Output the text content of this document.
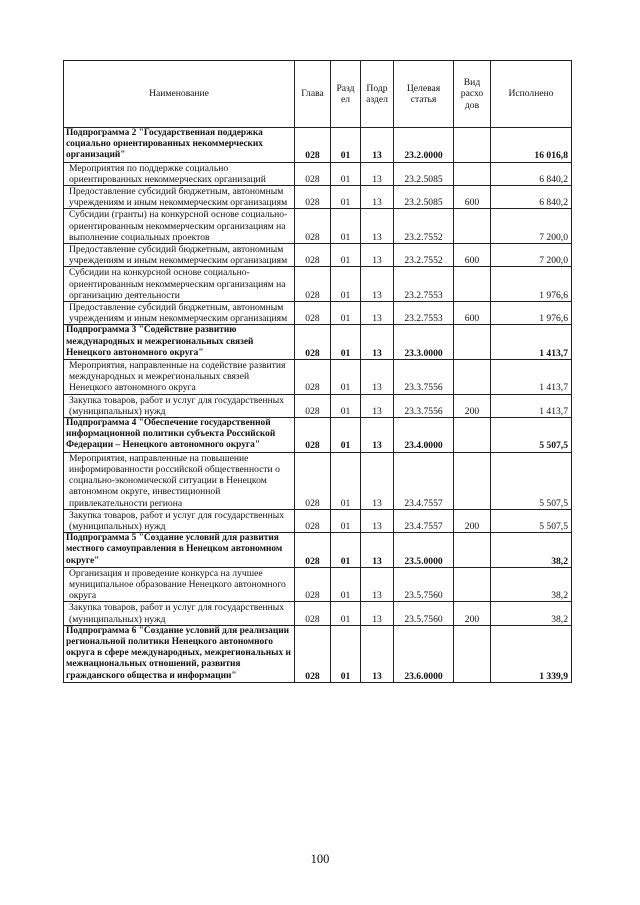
Наименование	Глава	Разд ел	Подр аздел	Целевая статья	Вид расхо дов	Исполнено
Подпрограмма 2 "Государственная поддержка социально ориентированных некоммерческих организаций"	028	01	13	23.2.0000		16 016,8
Мероприятия по поддержке социально ориентированных некоммерческих организаций	028	01	13	23.2.5085		6 840,2
Предоставление субсидий бюджетным, автономным учреждениям и иным некоммерческим организациям	028	01	13	23.2.5085	600	6 840,2
Субсидии (гранты) на конкурсной основе социально-ориентированным некоммерческим организациям на выполнение социальных проектов	028	01	13	23.2.7552		7 200,0
Предоставление субсидий бюджетным, автономным учреждениям и иным некоммерческим организациям	028	01	13	23.2.7552	600	7 200,0
Субсидии на конкурсной основе социально-ориентированным некоммерческим организациям на организацию деятельности	028	01	13	23.2.7553		1 976,6
Предоставление субсидий бюджетным, автономным учреждениям и иным некоммерческим организациям	028	01	13	23.2.7553	600	1 976,6
Подпрограмма 3 "Содействие развитию международных и межрегиональных связей Ненецкого автономного округа"	028	01	13	23.3.0000		1 413,7
Мероприятия, направленные на содействие развития международных и межрегиональных связей Ненецкого автономного округа	028	01	13	23.3.7556		1 413,7
Закупка товаров, работ и услуг для государственных (муниципальных) нужд	028	01	13	23.3.7556	200	1 413,7
Подпрограмма 4 "Обеспечение государственной информационной политики субъекта Российской Федерации – Ненецкого автономного округа"	028	01	13	23.4.0000		5 507,5
Мероприятия, направленные на повышение информированности российской общественности о социально-экономической ситуации в Ненецком автономном округе, инвестиционной привлекательности региона	028	01	13	23.4.7557		5 507,5
Закупка товаров, работ и услуг для государственных (муниципальных) нужд	028	01	13	23.4.7557	200	5 507,5
Подпрограмма 5 "Создание условий для развития местного самоуправления в Ненецком автономном округе"	028	01	13	23.5.0000		38,2
Организация и проведение конкурса на лучшее муниципальное образование Ненецкого автономного округа	028	01	13	23.5.7560		38,2
Закупка товаров, работ и услуг для государственных (муниципальных) нужд	028	01	13	23.5.7560	200	38,2
Подпрограмма 6 "Создание условий для реализации региональной политики Ненецкого автономного округа в сфере международных, межрегиональных и межнациональных отношений, развития гражданского общества и информации"	028	01	13	23.6.0000		1 339,9
100
